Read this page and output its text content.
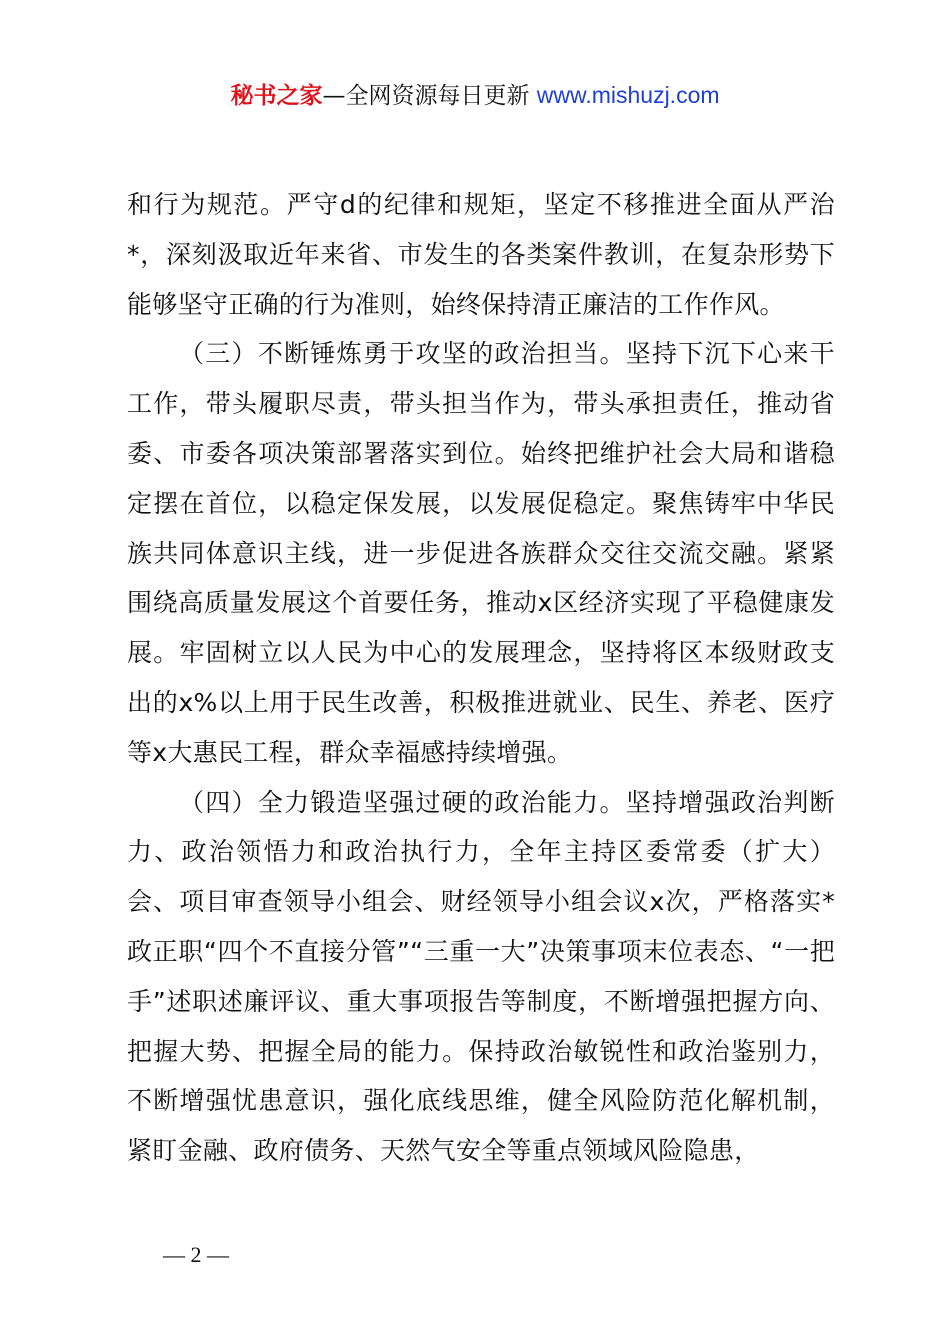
秘书之家—全网资源每日更新 www.mishuzj.com

和行为规范。严守d的纪律和规矩，坚定不移推进全面从严治*，深刻汲取近年来省、市发生的各类案件教训，在复杂形势下能够坚守正确的行为准则，始终保持清正廉洁的工作作风。

（三）不断锤炼勇于攻坚的政治担当。坚持下沉下心来干工作，带头履职尽责，带头担当作为，带头承担责任，推动省委、市委各项决策部署落实到位。始终把维护社会大局和谐稳定摆在首位，以稳定保发展，以发展促稳定。聚焦铸牢中华民族共同体意识主线，进一步促进各族群众交往交流交融。紧紧围绕高质量发展这个首要任务，推动x区经济实现了平稳健康发展。牢固树立以人民为中心的发展理念，坚持将区本级财政支出的x%以上用于民生改善，积极推进就业、民生、养老、医疗等x大惠民工程，群众幸福感持续增强。

（四）全力锻造坚强过硬的政治能力。坚持增强政治判断力、政治领悟力和政治执行力，全年主持区委常委（扩大）会、项目审查领导小组会、财经领导小组会议x次，严格落实*政正职“四个不直接分管”“三重一大”决策事项末位表态、“一把手”述职述廉评议、重大事项报告等制度，不断增强把握方向、把握大势、把握全局的能力。保持政治敏锐性和政治鉴别力，不断增强忧患意识，强化底线思维，健全风险防范化解机制，紧盯金融、政府债务、天然气安全等重点领域风险隐患，

— 2 —
